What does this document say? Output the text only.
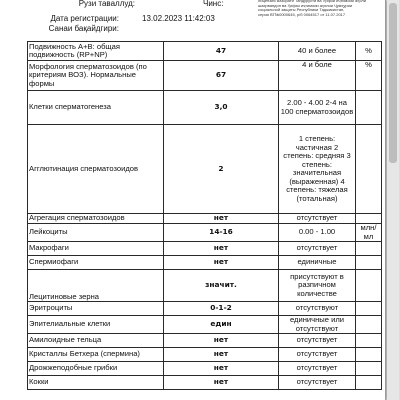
Рузи таваллуд:	Чинс:
Дата регистрации:	13.02.2023 11:42:03
Санаи бақайдгири:
лицензия Вазорати Тандурустӣ ва Ҳифзи иҷтимоии аҳолӣ
шахрвандон ва Ҳифзи иҷтимоии аҳолии Ҷумҳурии
социальной защиты Республики Таджикистан,
серия ВТ№0000645, р/б 0064517 от 11.07.2017
Подвижность А+В: общая подвижность (RP+NP)	47	40 и более	%
Морфология сперматозоидов (по критериям ВОЗ). Нормальные формы	67	4 и боле	%
Клетки сперматогенеза	3,0	2.00 - 4.00 2-4 на 100 сперматозоидов	
Агглютинация сперматозоидов	2	1 степень: частичная 2 степень: средняя 3 степень: значительная (выраженная) 4 степень: тяжелая (тотальная)	
Агрегация сперматозоидов	нет	отсутствует	
Лейкоциты	14-16	0.00 - 1.00	млн/мл
Макрофаги	нет	отсутствует	
Спермиофаги	нет	единичные	
Лецитиновые зерна	значит.	присутствуют в разпичном количестве	
Эритроциты	0-1-2	отсутствуют	
Эпителиальные клетки	един	единичные или отсутствуют	
Амилоидные тельца	нет	отсутствует	
Кристаллы Бетхера (спермина)	нет	отсутствует	
Дрожжеподобные грибки	нет	отсутствует	
Кокки	нет	отсутствует	
